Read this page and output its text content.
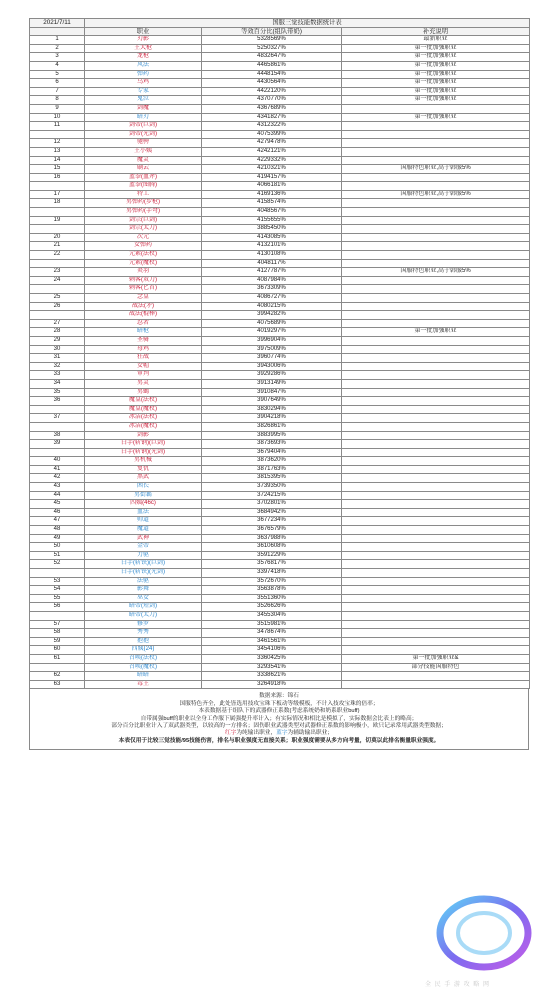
2021/7/11	国服三觉技能数据统计表		
	职业	等效百分比(组队带奶)	补充说明
1	刃影	5328569%	最新职业
2	王大枪	5250327%	第一批加强职业
3	龙枪	4832647%	第一批加强职业
4	风法	4465861%	第一批加强职业
5	弹药	4448154%	第一批加强职业
6	乌鸡	4430564%	第一批加强职业
7	专家	4422120%	第一批加强职业
8	鬼泣	4370770%	第一批加强职业
9	剑魔	4367689%	
10	暗刃	4341827%	第一批加强职业
11	剑帝(巨剑)	4312322%	
	剑帝(光剑)	4075399%	
12	驰骋	4279478%	
13	王小姨	4242121%	
14	魔灵	4229332%	
15	刷云	4210321%	国服特色职业,高于韩服5%
16	蓝拳(血斧)	4194157%	
	蓝拳(图腾)	4066181%	
17	特工	4169136%	国服特色职业,高于韩服5%
18	男弹药(步枪)	4158574%	
	男弹药(手弩)	4048567%	
19	剑宗(巨剑)	4155655%	
	剑宗(太刀)	3885450%	
20	次元	4143085%	
21	女弹药	4132101%	
22	元素(法杖)	4130108%	
	元素(魔杖)	4048117%	
23	炎羽	4127787%	国服特色职业,高于韩服5%
24	刺客(双刀)	4087984%	
	刺客(匕首)	3673309%	
25	念皇	4086727%	
26	战法(矛)	4080215%	
	战法(棍棒)	3994282%	
27	忍者	4075689%	
28	暗枪	4019297%	第一批加强职业
29	圣骑	3996904%	
30	母鸡	3975009%	
31	狂战	3960774%	
32	女帽	3943006%	
33	审判	3929286%	
34	男灵	3913149%	
35	男蝎	3910847%	
36	魔皇(法杖)	3907649%	
	魔皇(魔杖)	3830294%	
37	冰洁(法杖)	3904218%	
	冰洁(魔杖)	3826861%	
38	剑影	3883995%	
39	白手(斩钢)(巨剑)	3873693%	
	白手(斩钢)(光剑)	3679404%	
40	男机械	3873620%	
41	复仇	3871763%	
42	黑武	3815395%	
43	困长	3739350%	
44	男街霸	3724215%	
45	四姨(46c)	3702801%	
46	血法	3684942%	
47	帅道	3677234%	
48	魔道	3676579%	
49	武神	3637988%	
50	金帝	3610608%	
51	力驱	3591229%	
52	白手(斩铁)(巨剑)	3576817%	
	白手(斩铁)(光剑)	3397418%	
53	法驱	3572670%	
54	影舞	3563878%	
55	巫女	3551360%	
56	暗帝(短剑)	3526626%	
	暗帝(太刀)	3455304%	
57	修罗	3515981%	
58	秀秀	3478674%	
59	抱抱	3461561%	
60	四姨(24)	3454106%	
61	召唤(法杖)	3360425%	第一批加强职业&
	召唤(魔杖)	3293541%	部分技能国服特色
62	暗暗	3338621%	
63	毒王	3264918%	
数据来源：锦石
国服特色齐全，此处皆选用技攻宝珠下板动等级模板，不计入技攻宝珠的倍率；
本表数据基于组队下的武器修正系数(考虑系统奶和奶系职业buff)
自带属强buff的职业以全身工作服下属强提升率计入；有实际情况和相比是模拟了，实际数据会比表上的略高；
部分百分比职业计入了双武器类型，以较高的一方排名；固伤职业武器类型对武器修正系数的影响极小，欧只记录常用武器类型数据；
红字为纯输出职业，蓝字为辅助输出职业；
本表仅用于比较三觉技能/95技能伤害，排名与职业强度无直接关系；职业强度需要从多方向考量，切莫以此排名衡量职业强度。
全 民 手 游 攻 略 网
